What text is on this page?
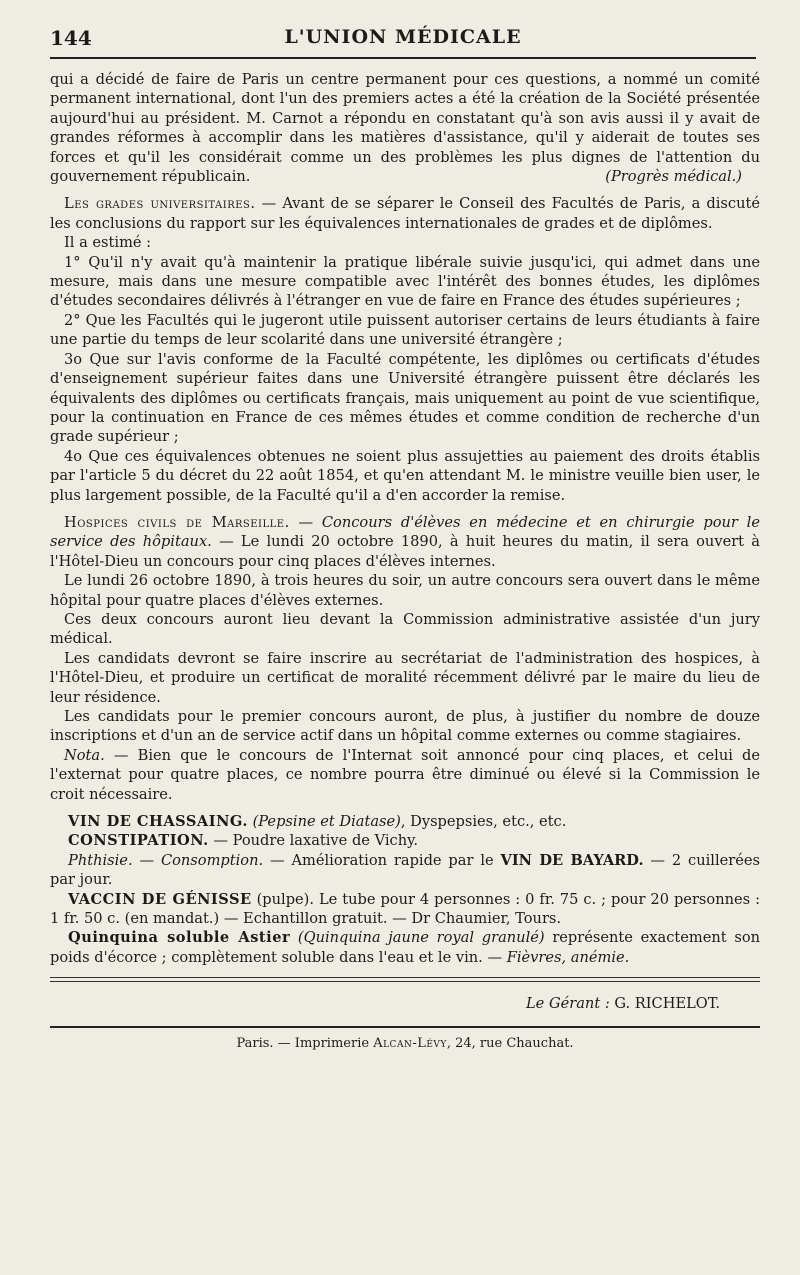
144	L'UNION MÉDICALE

qui a décidé de faire de Paris un centre permanent pour ces questions, a nommé un comité permanent international, dont l'un des premiers actes a été la création de la Société présentée aujourd'hui au président. M. Carnot a répondu en constatant qu'à son avis aussi il y avait de grandes réformes à accomplir dans les matières d'assistance, qu'il y aiderait de toutes ses forces et qu'il les considérait comme un des problèmes les plus dignes de l'attention du gouvernement républicain.	(Progrès médical.)

Les grades universitaires. — Avant de se séparer le Conseil des Facultés de Paris, a discuté les conclusions du rapport sur les équivalences internationales de grades et de diplômes.

Il a estimé :

1° Qu'il n'y avait qu'à maintenir la pratique libérale suivie jusqu'ici, qui admet dans une mesure, mais dans une mesure compatible avec l'intérêt des bonnes études, les diplômes d'études secondaires délivrés à l'étranger en vue de faire en France des études supérieures ;

2° Que les Facultés qui le jugeront utile puissent autoriser certains de leurs étudiants à faire une partie du temps de leur scolarité dans une université étrangère ;

3o Que sur l'avis conforme de la Faculté compétente, les diplômes ou certificats d'études d'enseignement supérieur faites dans une Université étrangère puissent être déclarés les équivalents des diplômes ou certificats français, mais uniquement au point de vue scientifique, pour la continuation en France de ces mêmes études et comme condition de recherche d'un grade supérieur ;

4o Que ces équivalences obtenues ne soient plus assujetties au paiement des droits établis par l'article 5 du décret du 22 août 1854, et qu'en attendant M. le ministre veuille bien user, le plus largement possible, de la Faculté qu'il a d'en accorder la remise.

Hospices civils de Marseille. — Concours d'élèves en médecine et en chirurgie pour le service des hôpitaux. — Le lundi 20 octobre 1890, à huit heures du matin, il sera ouvert à l'Hôtel-Dieu un concours pour cinq places d'élèves internes.

Le lundi 26 octobre 1890, à trois heures du soir, un autre concours sera ouvert dans le même hôpital pour quatre places d'élèves externes.

Ces deux concours auront lieu devant la Commission administrative assistée d'un jury médical.

Les candidats devront se faire inscrire au secrétariat de l'administration des hospices, à l'Hôtel-Dieu, et produire un certificat de moralité récemment délivré par le maire du lieu de leur résidence.

Les candidats pour le premier concours auront, de plus, à justifier du nombre de douze inscriptions et d'un an de service actif dans un hôpital comme externes ou comme stagiaires.

Nota. — Bien que le concours de l'Internat soit annoncé pour cinq places, et celui de l'externat pour quatre places, ce nombre pourra être diminué ou élevé si la Commission le croit nécessaire.

VIN DE CHASSAING. (Pepsine et Diatase), Dyspepsies, etc., etc.

CONSTIPATION. — Poudre laxative de Vichy.

Phthisie. — Consomption. — Amélioration rapide par le VIN DE BAYARD. — 2 cuillerées par jour.

VACCIN DE GÉNISSE (pulpe). Le tube pour 4 personnes : 0 fr. 75 c. ; pour 20 personnes : 1 fr. 50 c. (en mandat.) — Echantillon gratuit. — Dr Chaumier, Tours.

Quinquina soluble Astier (Quinquina jaune royal granulé) représente exactement son poids d'écorce ; complètement soluble dans l'eau et le vin. — Fièvres, anémie.

Le Gérant : G. RICHELOT.
Paris. — Imprimerie Alcan-Lévy, 24, rue Chauchat.
